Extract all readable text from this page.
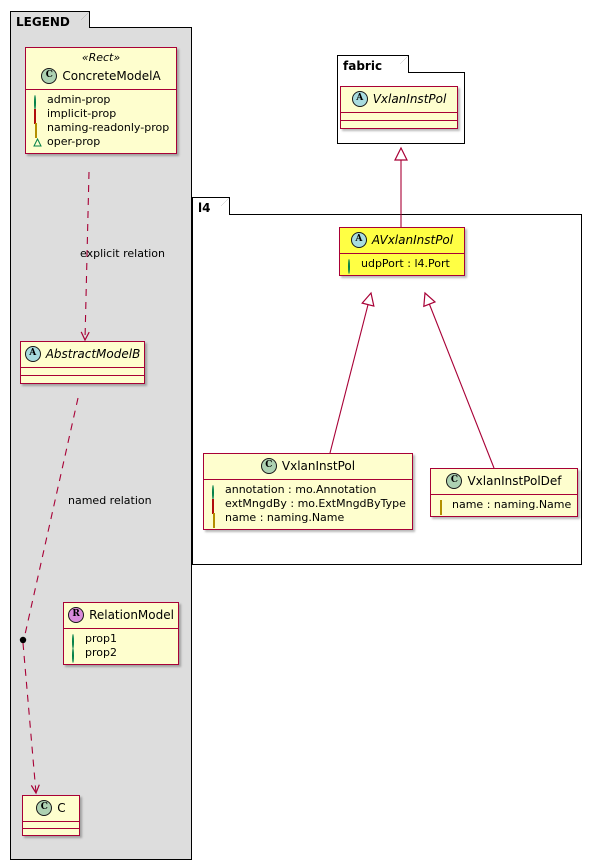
LEGEND
fabric
l4
explicit relation
named relation
«Rect»
C ConcreteModelA
admin-prop
implicit-prop
naming-readonly-prop
oper-prop
A AbstractModelB
R RelationModel
prop1
prop2
C C
A VxlanInstPol
A AVxlanInstPol
udpPort : l4.Port
C VxlanInstPol
annotation : mo.Annotation
extMngdBy : mo.ExtMngdByType
name : naming.Name
C VxlanInstPolDef
name : naming.Name
